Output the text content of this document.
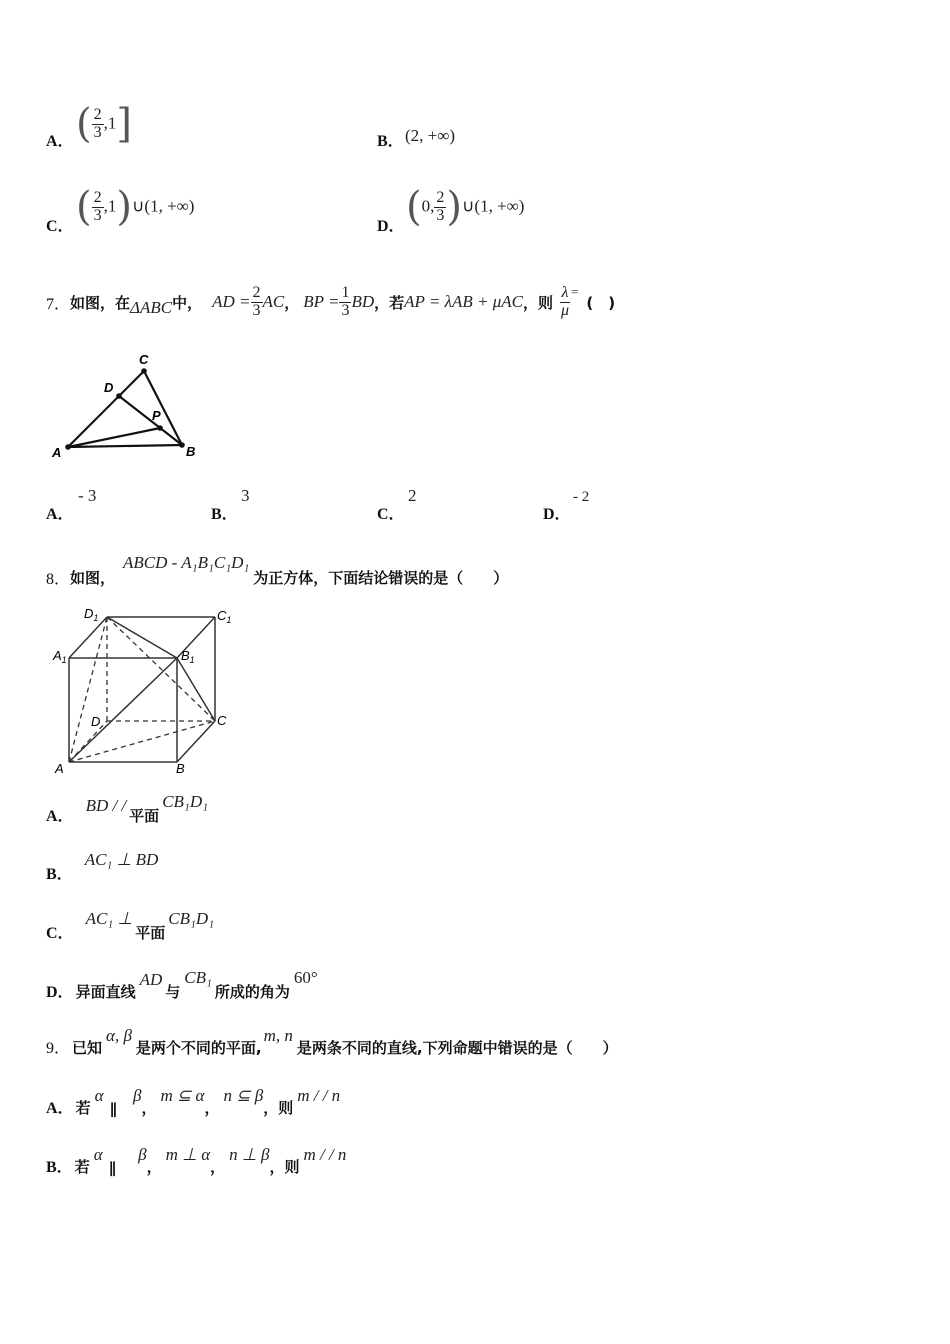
A． ( $\frac{2}{3} ,1$]	B． (2, +∞)
C． ( $\frac{2}{3}$ ,1)∪(1, +∞)
D． (0, $\frac{2}{3}$ )∪(1, +∞)
7． 如图，在 ΔABC 中， AD = $\frac{2}{3}$ AC ， BP = $\frac{1}{3}$ BD ，若 AP = λAB + μAC ，则 $\frac{\lambda}{\mu}$ =
(　)
A	B
C
D
P
A．
- 3
B．
3
C．
2
D．
- 2
8． 如图，
ABCD - A₁B₁C₁D₁
为正方体，下面结论错误的是（　　）
$D_1$	$C_1$
$A_1$	$B_1$
D	C
A	B
A．
BD / /
平面
CB₁D₁
B．
AC₁ ⊥ BD
C．
AC₁ ⊥
平面
CB₁D₁
D． 异面直线
AD
与
CB₁
所成的角为
60°
9． 已知
α, β
是两个不同的平面,
m, n
是两条不同的直线,下列命题中错误的是（　　）
A． 若
α
∥
β
，
m ⊆ α
，
n ⊆ β
，则
m / / n
B． 若
α
∥
β
，
m ⊥ α
，
n ⊥ β
，则
m / / n
